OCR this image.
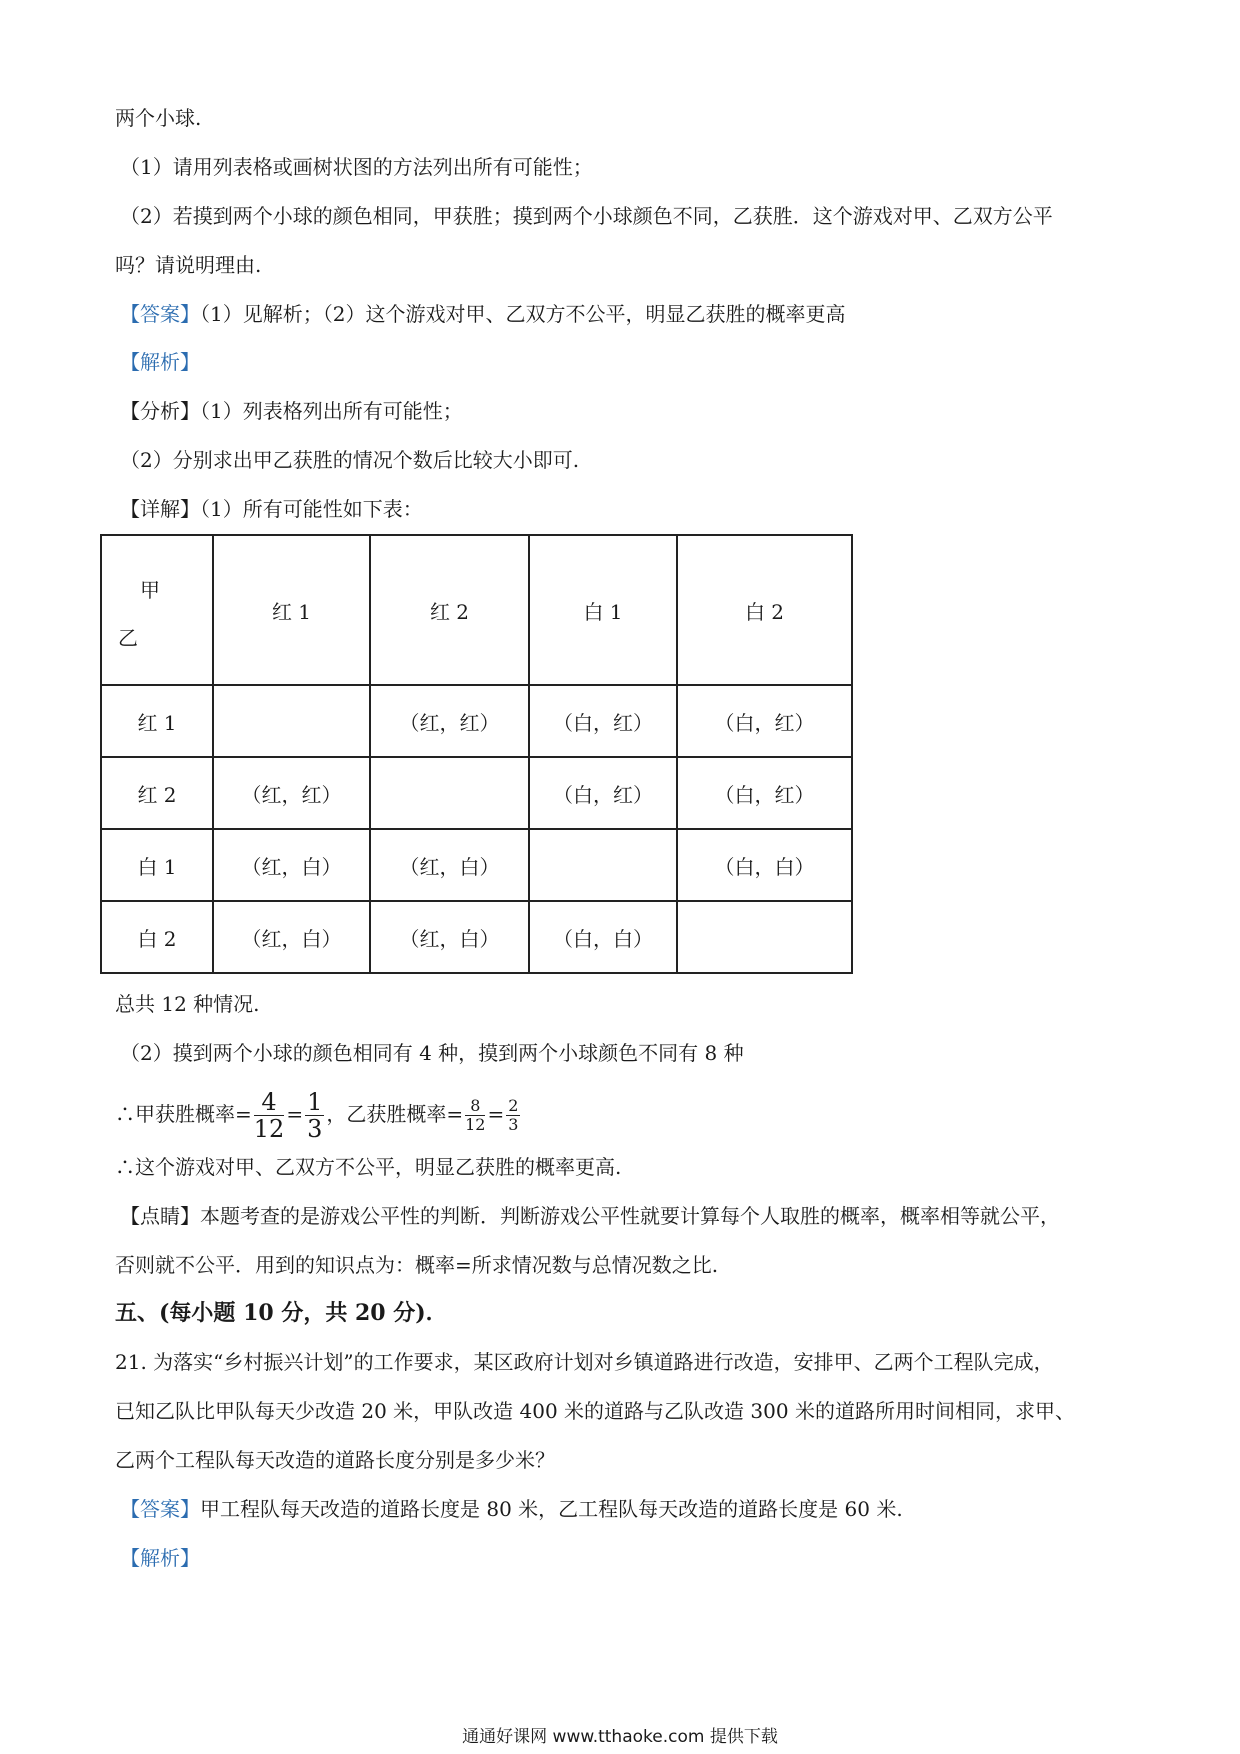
两个小球.
（1）请用列表格或画树状图的方法列出所有可能性；
（2）若摸到两个小球的颜色相同，甲获胜；摸到两个小球颜色不同，乙获胜．这个游戏对甲、乙双方公平
吗？请说明理由.
【答案】（1）见解析；（2）这个游戏对甲、乙双方不公平，明显乙获胜的概率更高
【解析】
【分析】（1）列表格列出所有可能性；
（2）分别求出甲乙获胜的情况个数后比较大小即可.
【详解】（1）所有可能性如下表：
甲
乙	红 1	红 2	白 1	白 2
红 1		（红，红）	（白，红）	（白，红）
红 2	（红，红）		（白，红）	（白，红）
白 1	（红，白）	（红，白）		（白，白）
白 2	（红，白）	（红，白）	（白，白）	
总共 12 种情况.
（2）摸到两个小球的颜色相同有 4 种，摸到两个小球颜色不同有 8 种
∴甲获胜概率= $\frac{4}{12} = \frac{1}{3}$ ，乙获胜概率= $\frac{8}{12} = \frac{2}{3}$
∴这个游戏对甲、乙双方不公平，明显乙获胜的概率更高.
【点睛】本题考查的是游戏公平性的判断．判断游戏公平性就要计算每个人取胜的概率，概率相等就公平，
否则就不公平．用到的知识点为：概率=所求情况数与总情况数之比.
五、(每小题 10 分，共 20 分)．
21. 为落实“乡村振兴计划”的工作要求，某区政府计划对乡镇道路进行改造，安排甲、乙两个工程队完成，
已知乙队比甲队每天少改造 20 米，甲队改造 400 米的道路与乙队改造 300 米的道路所用时间相同，求甲、
乙两个工程队每天改造的道路长度分别是多少米？
【答案】甲工程队每天改造的道路长度是 80 米，乙工程队每天改造的道路长度是 60 米.
【解析】
通通好课网 www.tthaoke.com 提供下载
